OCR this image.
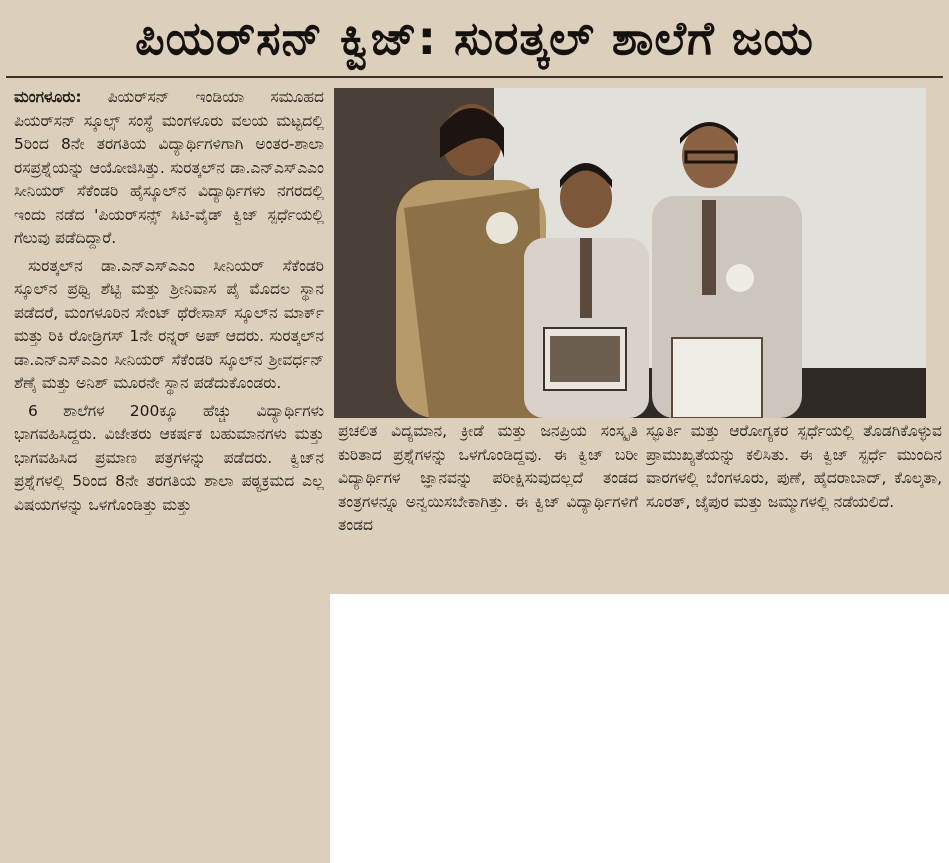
ಪಿಯರ್‌ಸನ್‌ ಕ್ವಿಜ್‌: ಸುರತ್ಕಲ್‌ ಶಾಲೆಗೆ ಜಯ

ಮಂಗಳೂರು: ಪಿಯರ್‌ಸನ್‌ ಇಂಡಿಯಾ ಸಮೂಹದ ಪಿಯರ್‌ಸನ್‌ ಸ್ಕೂಲ್ಸ್‌ ಸಂಸ್ಥೆ ಮಂಗಳೂರು ವಲಯ ಮಟ್ಟದಲ್ಲಿ 5ರಿಂದ 8ನೇ ತರಗತಿಯ ವಿದ್ಯಾರ್ಥಿಗಳಿಗಾಗಿ ಅಂತರ-ಶಾಲಾ ರಸಪ್ರಶ್ನೆಯನ್ನು ಆಯೋಜಿಸಿತ್ತು. ಸುರತ್ಕಲ್‌ನ ಡಾ.ಎನ್‌ಎಸ್‌ಎಎಂ ಸೀನಿಯರ್‌ ಸೆಕೆಂಡರಿ ಹೈಸ್ಕೂಲ್‌ನ ವಿದ್ಯಾರ್ಥಿಗಳು ನಗರದಲ್ಲಿ ಇಂದು ನಡೆದ 'ಪಿಯರ್‌ಸನ್ಸ್‌ ಸಿಟಿ-ವೈಡ್‌ ಕ್ವಿಜ್‌ ಸ್ಪರ್ಧೆಯಲ್ಲಿ ಗೆಲುವು ಪಡೆದಿದ್ದಾರೆ.

ಸುರತ್ಕಲ್‌ನ ಡಾ.ಎನ್‌ಎಸ್‌ಎಎಂ ಸೀನಿಯರ್‌ ಸೆಕೆಂಡರಿ ಸ್ಕೂಲ್‌ನ ಪ್ರಥ್ವಿ ಶೆಟ್ಟಿ ಮತ್ತು ಶ್ರೀನಿವಾಸ ಪೈ ಮೊದಲ ಸ್ಥಾನ ಪಡೆದರೆ, ಮಂಗಳೂರಿನ ಸೇಂಟ್‌ ಥೆರೇಸಾಸ್‌ ಸ್ಕೂಲ್‌ನ ಮಾರ್ಕ್‌ ಮತ್ತು ರಿಕಿ ರೋಡ್ರಿಗಸ್‌ 1ನೇ ರನ್ನರ್‌ ಅಪ್‌ ಆದರು. ಸುರತ್ಕಲ್‌ನ ಡಾ.ಎನ್‌ಎಸ್‌ಎಎಂ ಸೀನಿಯರ್‌ ಸೆಕೆಂಡರಿ ಸ್ಕೂಲ್‌ನ ಶ್ರೀವರ್ಧನ್‌ ಶೆಣೈ ಮತ್ತು ಅನಿಶ್‌ ಮೂರನೇ ಸ್ಥಾನ ಪಡೆದುಕೊಂಡರು.

6 ಶಾಲೆಗಳ 200ಕ್ಕೂ ಹೆಚ್ಚು ವಿದ್ಯಾರ್ಥಿಗಳು ಭಾಗವಹಿಸಿದ್ದರು. ವಿಜೇತರು ಆಕರ್ಷಕ ಬಹುಮಾನಗಳು ಮತ್ತು ಭಾಗವಹಿಸಿದ ಪ್ರಮಾಣ ಪತ್ರಗಳನ್ನು ಪಡೆದರು. ಕ್ವಿಜ್‌ನ ಪ್ರಶ್ನೆಗಳಲ್ಲಿ 5ರಿಂದ 8ನೇ ತರಗತಿಯ ಶಾಲಾ ಪಠ್ಯಕ್ರಮದ ಎಲ್ಲ ವಿಷಯಗಳನ್ನು ಒಳಗೊಂಡಿತ್ತು ಮತ್ತು

ಪ್ರಚಲಿತ ವಿದ್ಯಮಾನ, ಕ್ರೀಡೆ ಮತ್ತು ಜನಪ್ರಿಯ ಸಂಸ್ಕೃತಿ ಕುರಿತಾದ ಪ್ರಶ್ನೆಗಳನ್ನು ಒಳಗೊಂಡಿದ್ದವು. ಈ ಕ್ವಿಜ್‌ ಬರೀ ವಿದ್ಯಾರ್ಥಿಗಳ ಜ್ಞಾನವನ್ನು ಪರೀಕ್ಷಿಸುವುದಲ್ಲದೆ ತಂಡದ ತಂತ್ರಗಳನ್ನೂ ಅನ್ವಯಿಸಬೇಕಾಗಿತ್ತು. ಈ ಕ್ವಿಜ್‌ ವಿದ್ಯಾರ್ಥಿಗಳಿಗೆ ತಂಡದ

ಸ್ಫೂರ್ತಿ ಮತ್ತು ಆರೋಗ್ಯಕರ ಸ್ಪರ್ಧೆಯಲ್ಲಿ ತೊಡಗಿಕೊಳ್ಳುವ ಪ್ರಾಮುಖ್ಯತೆಯನ್ನು ಕಲಿಸಿತು. ಈ ಕ್ವಿಜ್‌ ಸ್ಪರ್ಧೆ ಮುಂದಿನ ವಾರಗಳಲ್ಲಿ ಬೆಂಗಳೂರು, ಪುಣೆ, ಹೈದರಾಬಾದ್‌, ಕೊಲ್ಕತಾ, ಸೂರತ್‌, ಜೈಪುರ ಮತ್ತು ಜಮ್ಮುಗಳಲ್ಲಿ ನಡೆಯಲಿದೆ.
